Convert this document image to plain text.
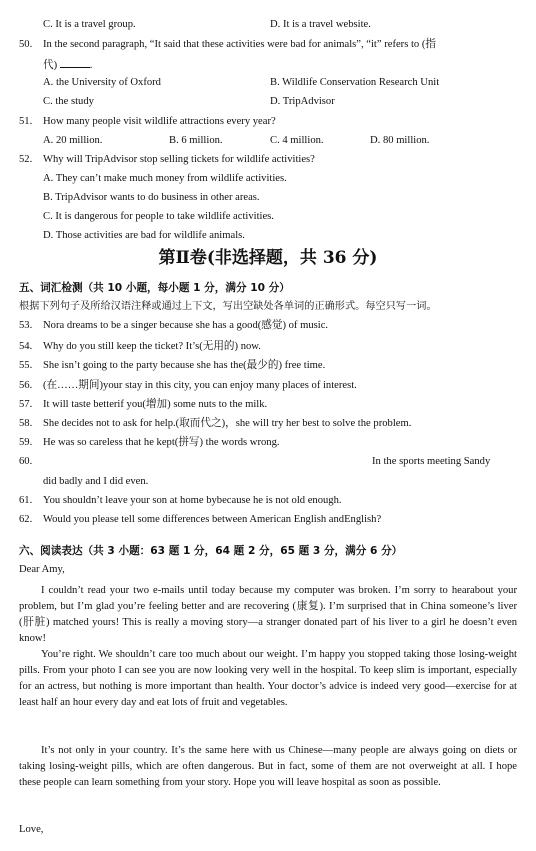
C. It is a travel group.	D. It is a travel website.
50. In the second paragraph, “It said that these activities were bad for animals”, “it” refers to (指
代)	.
A. the University of Oxford	B. Wildlife Conservation Research Unit
C. the study	D. TripAdvisor
51. How many people visit wildlife attractions every year?
A. 20 million.	B. 6 million.	C. 4 million.	D. 80 million.
52. Why will TripAdvisor stop selling tickets for wildlife activities?
A. They can’t make much money from wildlife activities.
B. TripAdvisor wants to do business in other areas.
C. It is dangerous for people to take wildlife activities.
D. Those activities are bad for wildlife animals.
第Ⅱ卷(非选择题，共 36 分)
五、词汇检测（共 10 小题，每小题 1 分，满分 10 分）
根据下列句子及所给汉语注释或通过上下文，写出空缺处各单词的正确形式。每空只写一词。
53. Nora dreams to be a singer because she has a good(感觉) of music.
54. Why do you still keep the ticket? It’s(无用的) now.
55. She isn’t going to the party because she has the(最少的) free time.
56. (在……期间)your stay in this city, you can enjoy many places of interest.
57. It will taste betterif you(增加) some nuts to the milk.
58. She decides not to ask for help.(取而代之)，she will try her best to solve the problem.
59. He was so careless that he kept(拼写) the words wrong.
60.	In the sports meeting Sandy
did badly and I did even.
61. You shouldn’t leave your son at home bybecause he is not old enough.
62. Would you please tell some differences between American English andEnglish?
六、阅读表达（共 3 小题：63 题 1 分，64 题 2 分，65 题 3 分，满分 6 分）
Dear Amy,
I couldn’t read your two e-mails until today because my computer was broken. I’m sorry to hearabout your problem, but I’m glad you’re feeling better and are recovering (康复). I’m surprised that in China someone’s liver (肝脏) matched yours! This is really a moving story—a stranger donated part of his liver to a girl he doesn’t even know!
You’re right. We shouldn’t care too much about our weight. I’m happy you stopped taking those losing-weight pills. From your photo I can see you are now looking very well in the hospital. To keep slim is important, especially for an actress, but nothing is more important than health. Your doctor’s advice is indeed very good—exercise for at least half an hour every day and eat lots of fruit and vegetables.
It’s not only in your country. It’s the same here with us Chinese—many people are always going on diets or taking losing-weight pills, which are often dangerous. But in fact, some of them are not overweight at all. I hope these people can learn something from your story. Hope you will leave hospital as soon as possible.
Love,
